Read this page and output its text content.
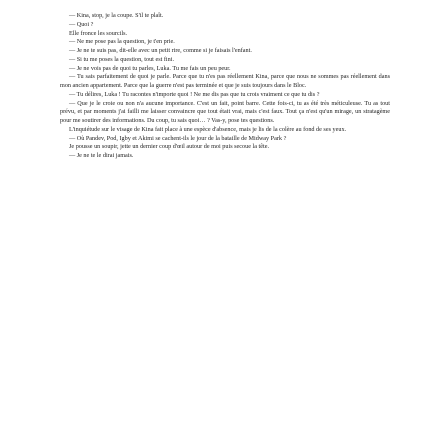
— Kina, stop, je la coupe. S'il te plaît.

— Quoi ?

Elle fronce les sourcils.

— Ne me pose pas la question, je t'en prie.

— Je ne te suis pas, dit-elle avec un petit rire, comme si je faisais l'enfant.

— Si tu me poses la question, tout est fini.

— Je ne vois pas de quoi tu parles, Luka. Tu me fais un peu peur.

— Tu sais parfaitement de quoi je parle. Parce que tu n'es pas réellement Kina, parce que nous ne sommes pas réellement dans mon ancien appartement. Parce que la guerre n'est pas terminée et que je suis toujours dans le Bloc.

— Tu délires, Luka ! Tu racontes n'importe quoi ! Ne me dis pas que tu crois vraiment ce que tu dis ?

— Que je le croie ou non n'a aucune importance. C'est un fait, point barre. Cette fois-ci, tu as été très méticuleuse. Tu as tout prévu, et par moments j'ai failli me laisser convaincre que tout était vrai, mais c'est faux. Tout ça n'est qu'un mirage, un stratagème pour me soutirer des informations. Du coup, tu sais quoi… ? Vas-y, pose tes questions.

L'inquiétude sur le visage de Kina fait place à une espèce d'absence, mais je lis de la colère au fond de ses yeux.

— Où Pandev, Pod, Igby et Akimi se cachent-ils le jour de la bataille de Midway Park ?

Je pousse un soupir, jette un dernier coup d'œil autour de moi puis secoue la tête.

— Je ne te le dirai jamais.
